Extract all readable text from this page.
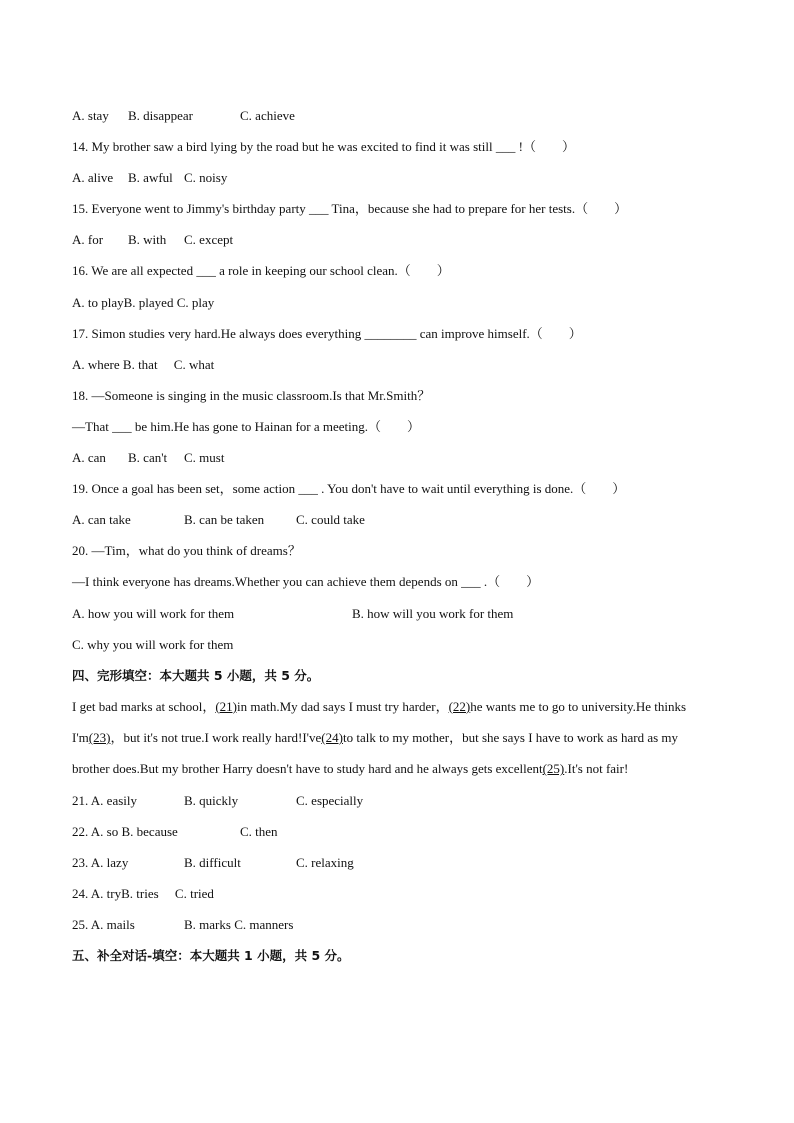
A. stay B. disappear	C. achieve
14. My brother saw a bird lying by the road but he was excited to find it was still ___ !（　　）
A. alive B. awful C. noisy
15. Everyone went to Jimmy's birthday party ___ Tina，because she had to prepare for her tests.（　　）
A. for B. with C. except
16. We are all expected ___ a role in keeping our school clean.（　　）
A. to playB. played C. play
17. Simon studies very hard.He always does everything ________ can improve himself.（　　）
A. where B. that　 C. what
18. —Someone is singing in the music classroom.Is that Mr.Smith？
—That ___ be him.He has gone to Hainan for a meeting.（　　）
A. can B. can't C. must
19. Once a goal has been set，some action ___ . You don't have to wait until everything is done.（　　）
A. can take	B. can be taken C. could take
20. —Tim，what do you think of dreams？
—I think everyone has dreams.Whether you can achieve them depends on ___ .（　　）
A. how you will work for them	B. how will you work for them
C. why you will work for them
四、完形填空：本大题共 5 小题，共 5 分。
I get bad marks at school，(21)in math.My dad says I must try harder，(22)he wants me to go to university.He thinks I'm(23)，but it's not true.I work really hard!I've(24)to talk to my mother，but she says I have to work as hard as my brother does.But my brother Harry doesn't have to study hard and he always gets excellent(25).It's not fair!
21. A. easily	B. quickly	C. especially
22. A. so B. because	C. then
23. A. lazy	B. difficult	C. relaxing
24. A. tryB. tries　 C. tried
25. A. mails	B. marks C. manners
五、补全对话-填空：本大题共 1 小题，共 5 分。
